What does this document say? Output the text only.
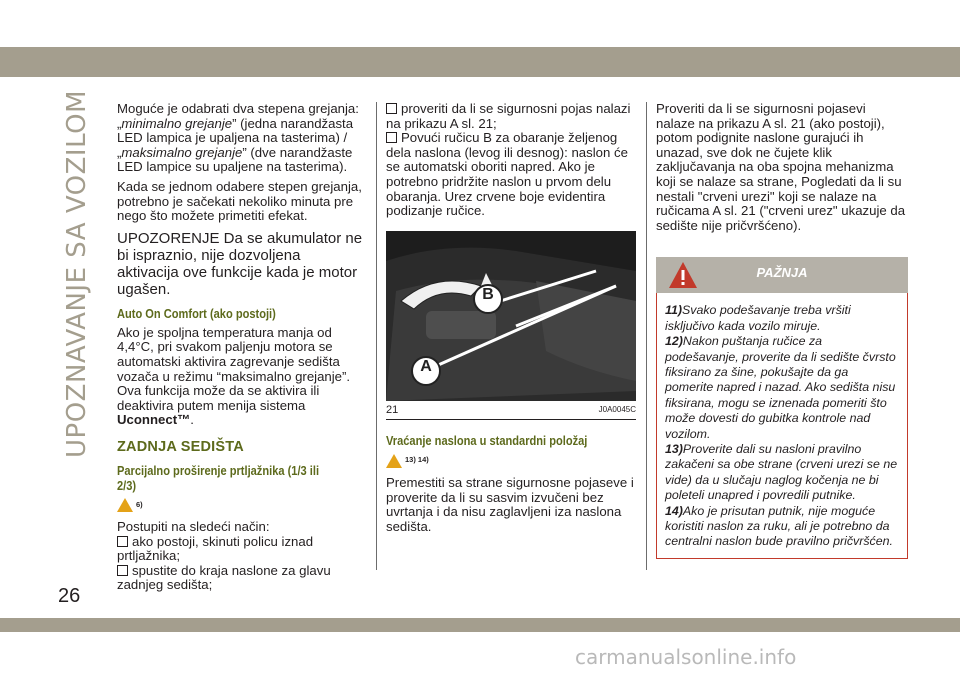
UPOZNAVANJE SA VOZILOM Moguće je odabrati dva stepena grejanja: „minimalno grejanje” (jedna narandžasta LED lampica je upaljena na tasterima) / „maksimalno grejanje” (dve narandžaste LED lampice su upaljene na tasterima).

Kada se jednom odabere stepen grejanja, potrebno je sačekati nekoliko minuta pre nego što možete primetiti efekat.

UPOZORENJE Da se akumulator ne bi ispraznio, nije dozvoljena aktivacija ove funkcije kada je motor ugašen.

Auto On Comfort (ako postoji)

Ako je spoljna temperatura manja od 4,4°C, pri svakom paljenju motora se automatski aktivira zagrevanje sedišta vozača u režimu “maksimalno grejanje”. Ova funkcija može da se aktivira ili deaktivira putem menija sistema Uconnect™.

ZADNJA SEDIŠTA
Parcijalno proširenje prtljažnika (1/3 ili
2/3)
6)

Postupiti na sledeći način:

ako postoji, skinuti policu iznad prtljažnika;

spustite do kraja naslone za glavu zadnjeg sedišta;

proveriti da li se sigurnosni pojas nalazi na prikazu A sl. 21;

Povući ručicu B za obaranje željenog dela naslona (levog ili desnog): naslon će se automatski oboriti napred. Ako je potrebno pridržite naslon u prvom delu obaranja. Urez crvene boje evidentira podizanje ručice.

B
A
21	J0A0045C
Vraćanje naslona u standardni položaj
13) 14)

Premestiti sa strane sigurnosne pojaseve i proverite da li su sasvim izvučeni bez uvrtanja i da nisu zaglavljeni iza naslona sedišta.

Proveriti da li se sigurnosni pojasevi nalaze na prikazu A sl. 21 (ako postoji), potom podignite naslone gurajući ih unazad, sve dok ne čujete klik zaključavanja na oba spojna mehanizma koji se nalaze sa strane, Pogledati da li su nestali "crveni urezi" koji se nalaze na ručicama A sl. 21 ("crveni urez" ukazuje da sedište nije pričvršćeno).

PAŽNJA
11)Svako podešavanje treba vršiti isključivo kada vozilo miruje.
12)Nakon puštanja ručice za podešavanje, proverite da li sedište čvrsto fiksirano za šine, pokušajte da ga pomerite napred i nazad. Ako sedišta nisu fiksirana, mogu se iznenada pomeriti što može dovesti do gubitka kontrole nad vozilom.
13)Proverite dali su nasloni pravilno zakačeni sa obe strane (crveni urezi se ne vide) da u slučaju naglog kočenja ne bi poleteli unapred i povredili putnike.
14)Ako je prisutan putnik, nije moguće koristiti naslon za ruku, ali je potrebno da centralni naslon bude pravilno pričvršćen.
26
carmanualsonline.info
